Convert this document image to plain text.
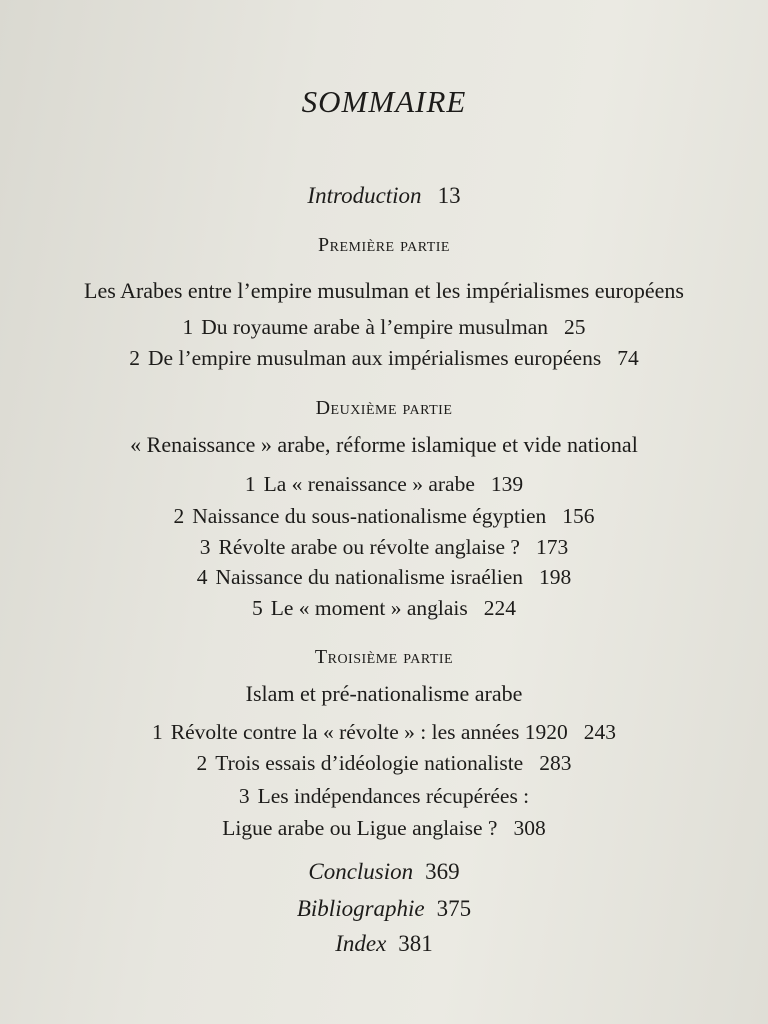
SOMMAIRE
Introduction 13
Première partie
Les Arabes entre l’empire musulman et les impérialismes européens
1 Du royaume arabe à l’empire musulman 25
2 De l’empire musulman aux impérialismes européens 74
Deuxième partie
« Renaissance » arabe, réforme islamique et vide national
1 La « renaissance » arabe 139
2 Naissance du sous-nationalisme égyptien 156
3 Révolte arabe ou révolte anglaise ? 173
4 Naissance du nationalisme israélien 198
5 Le « moment » anglais 224
Troisième partie
Islam et pré-nationalisme arabe
1 Révolte contre la « révolte » : les années 1920 243
2 Trois essais d’idéologie nationaliste 283
3 Les indépendances récupérées :
Ligue arabe ou Ligue anglaise ? 308
Conclusion 369
Bibliographie 375
Index 381
